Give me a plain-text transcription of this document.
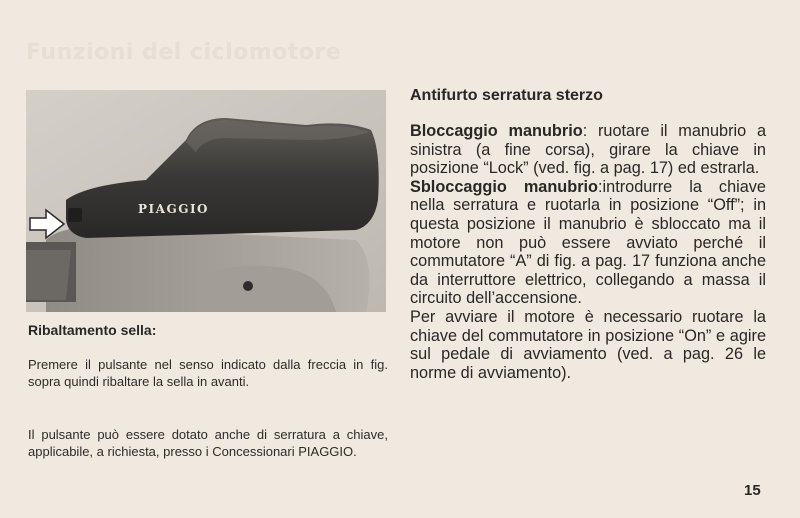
Funzioni del ciclomotore
PIAGGIO
Ribaltamento sella:

Premere il pulsante nel senso indicato dalla freccia in fig. sopra quindi ribaltare la sella in avanti.

Il pulsante può essere dotato anche di serratura a chiave, applicabile, a richiesta, presso i Concessionari PIAGGIO.

Antifurto serratura sterzo
Bloccaggio manubrio: ruotare il manubrio a sinistra (a fine corsa), girare la chiave in posizione “Lock” (ved. fig. a pag. 17) ed estrarla.
Sbloccaggio manubrio:introdurre la chiave nella serratura e ruotarla in posizione “Off”; in questa posizione il manubrio è sbloccato ma il motore non può essere avviato perché il commutatore “A” di fig. a pag. 17 funziona anche da interruttore elettrico, collegando a massa il circuito dell’accensione.
Per avviare il motore è necessario ruotare la chiave del commutatore in posizione “On” e agire sul pedale di avviamento (ved. a pag. 26 le norme di avviamento).
15
